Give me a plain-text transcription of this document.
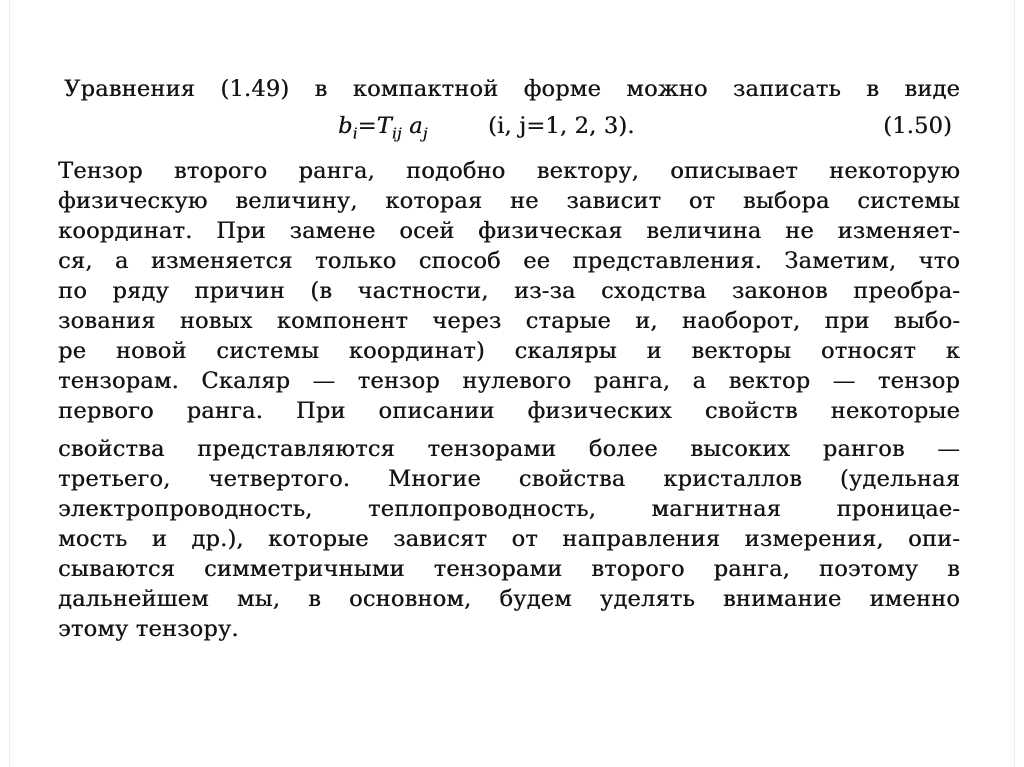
Уравнения (1.49) в компактной форме можно записать в виде
$b_i=T_{ij}$ $a_j$	(i, j=1, 2, 3).	(1.50)
Тензор второго ранга, подобно вектору, описывает некоторую
физическую величину, которая не зависит от выбора системы
координат. При замене осей физическая величина не изменяет-
ся, а изменяется только способ ее представления. Заметим, что
по ряду причин (в частности, из-за сходства законов преобра-
зования новых компонент через старые и, наоборот, при выбо-
ре новой системы координат) скаляры и векторы относят к
тензорам. Скаляр — тензор нулевого ранга, а вектор — тензор
первого ранга. При описании физических свойств некоторые
свойства представляются тензорами более высоких рангов —
третьего, четвертого. Многие свойства кристаллов (удельная
электропроводность, теплопроводность, магнитная проницае-
мость и др.), которые зависят от направления измерения, опи-
сываются симметричными тензорами второго ранга, поэтому в
дальнейшем мы, в основном, будем уделять внимание именно
этому тензору.
